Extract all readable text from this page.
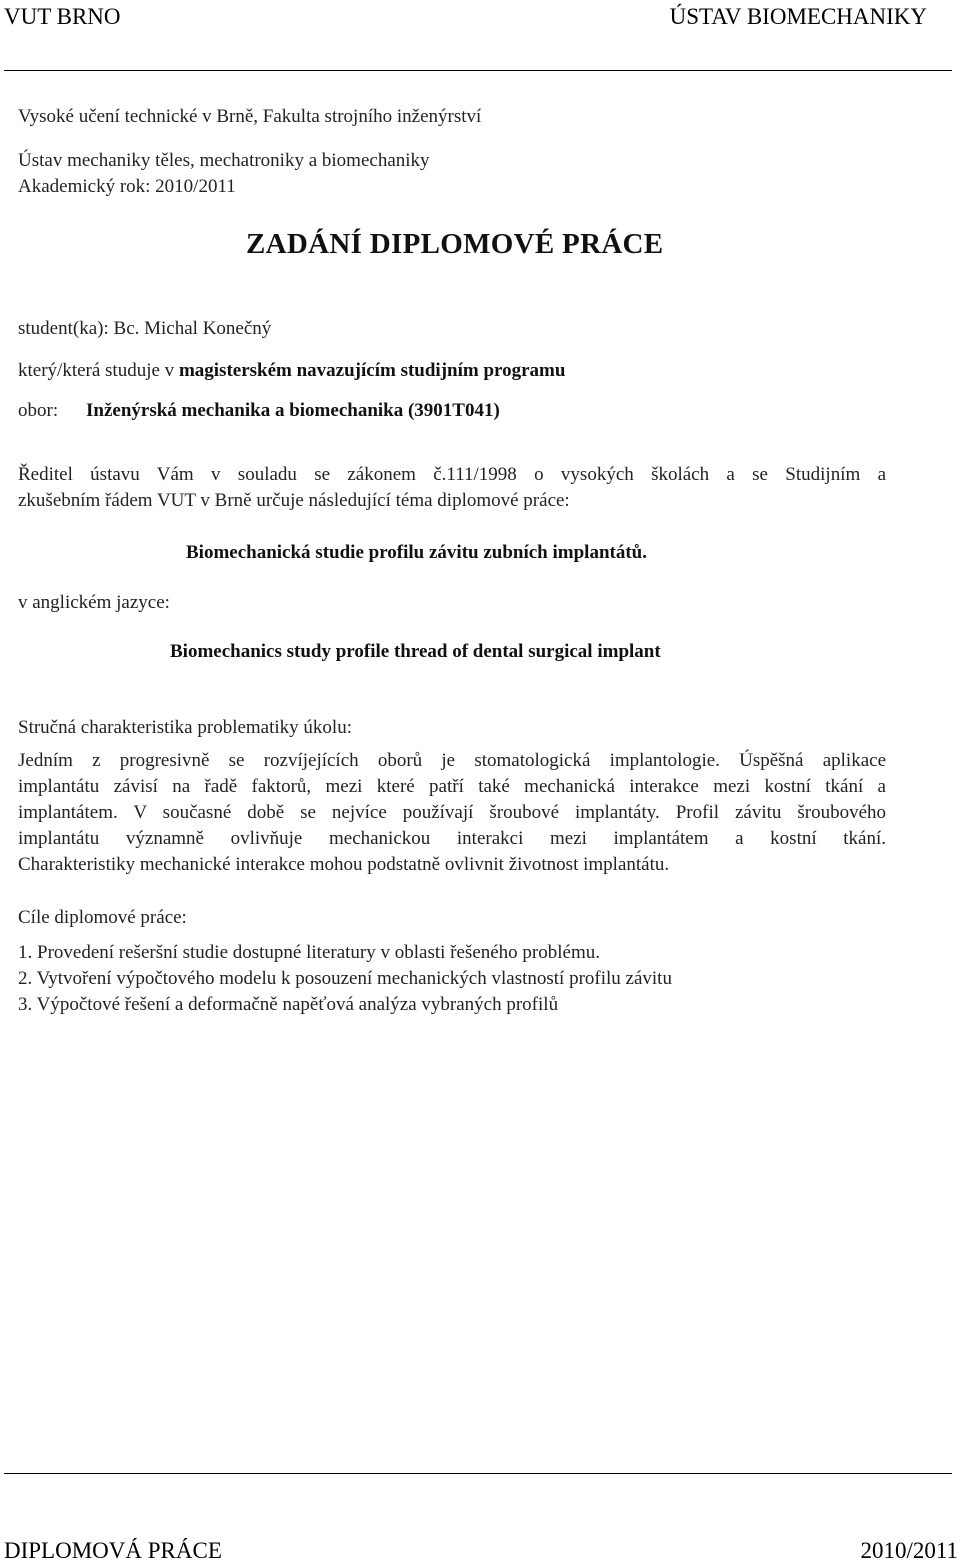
VUT BRNO	ÚSTAV BIOMECHANIKY
Vysoké učení technické v Brně, Fakulta strojního inženýrství
Ústav mechaniky těles, mechatroniky a biomechaniky
Akademický rok: 2010/2011
ZADÁNÍ DIPLOMOVÉ PRÁCE
student(ka): Bc. Michal Konečný
který/která studuje v magisterském navazujícím studijním programu
obor: Inženýrská mechanika a biomechanika (3901T041)
Ředitel ústavu Vám v souladu se zákonem č.111/1998 o vysokých školách a se Studijním a
zkušebním řádem VUT v Brně určuje následující téma diplomové práce:
Biomechanická studie profilu závitu zubních implantátů.
v anglickém jazyce:
Biomechanics study profile thread of dental surgical implant
Stručná charakteristika problematiky úkolu:
Jedním z progresivně se rozvíjejících oborů je stomatologická implantologie. Úspěšná aplikace
implantátu závisí na řadě faktorů, mezi které patří také mechanická interakce mezi kostní tkání a
implantátem. V současné době se nejvíce používají šroubové implantáty. Profil závitu šroubového
implantátu významně ovlivňuje mechanickou interakci mezi implantátem a kostní tkání.
Charakteristiky mechanické interakce mohou podstatně ovlivnit životnost implantátu.
Cíle diplomové práce:
1. Provedení rešeršní studie dostupné literatury v oblasti řešeného problému.
2. Vytvoření výpočtového modelu k posouzení mechanických vlastností profilu závitu
3. Výpočtové řešení a deformačně napěťová analýza vybraných profilů
DIPLOMOVÁ PRÁCE	2010/2011
